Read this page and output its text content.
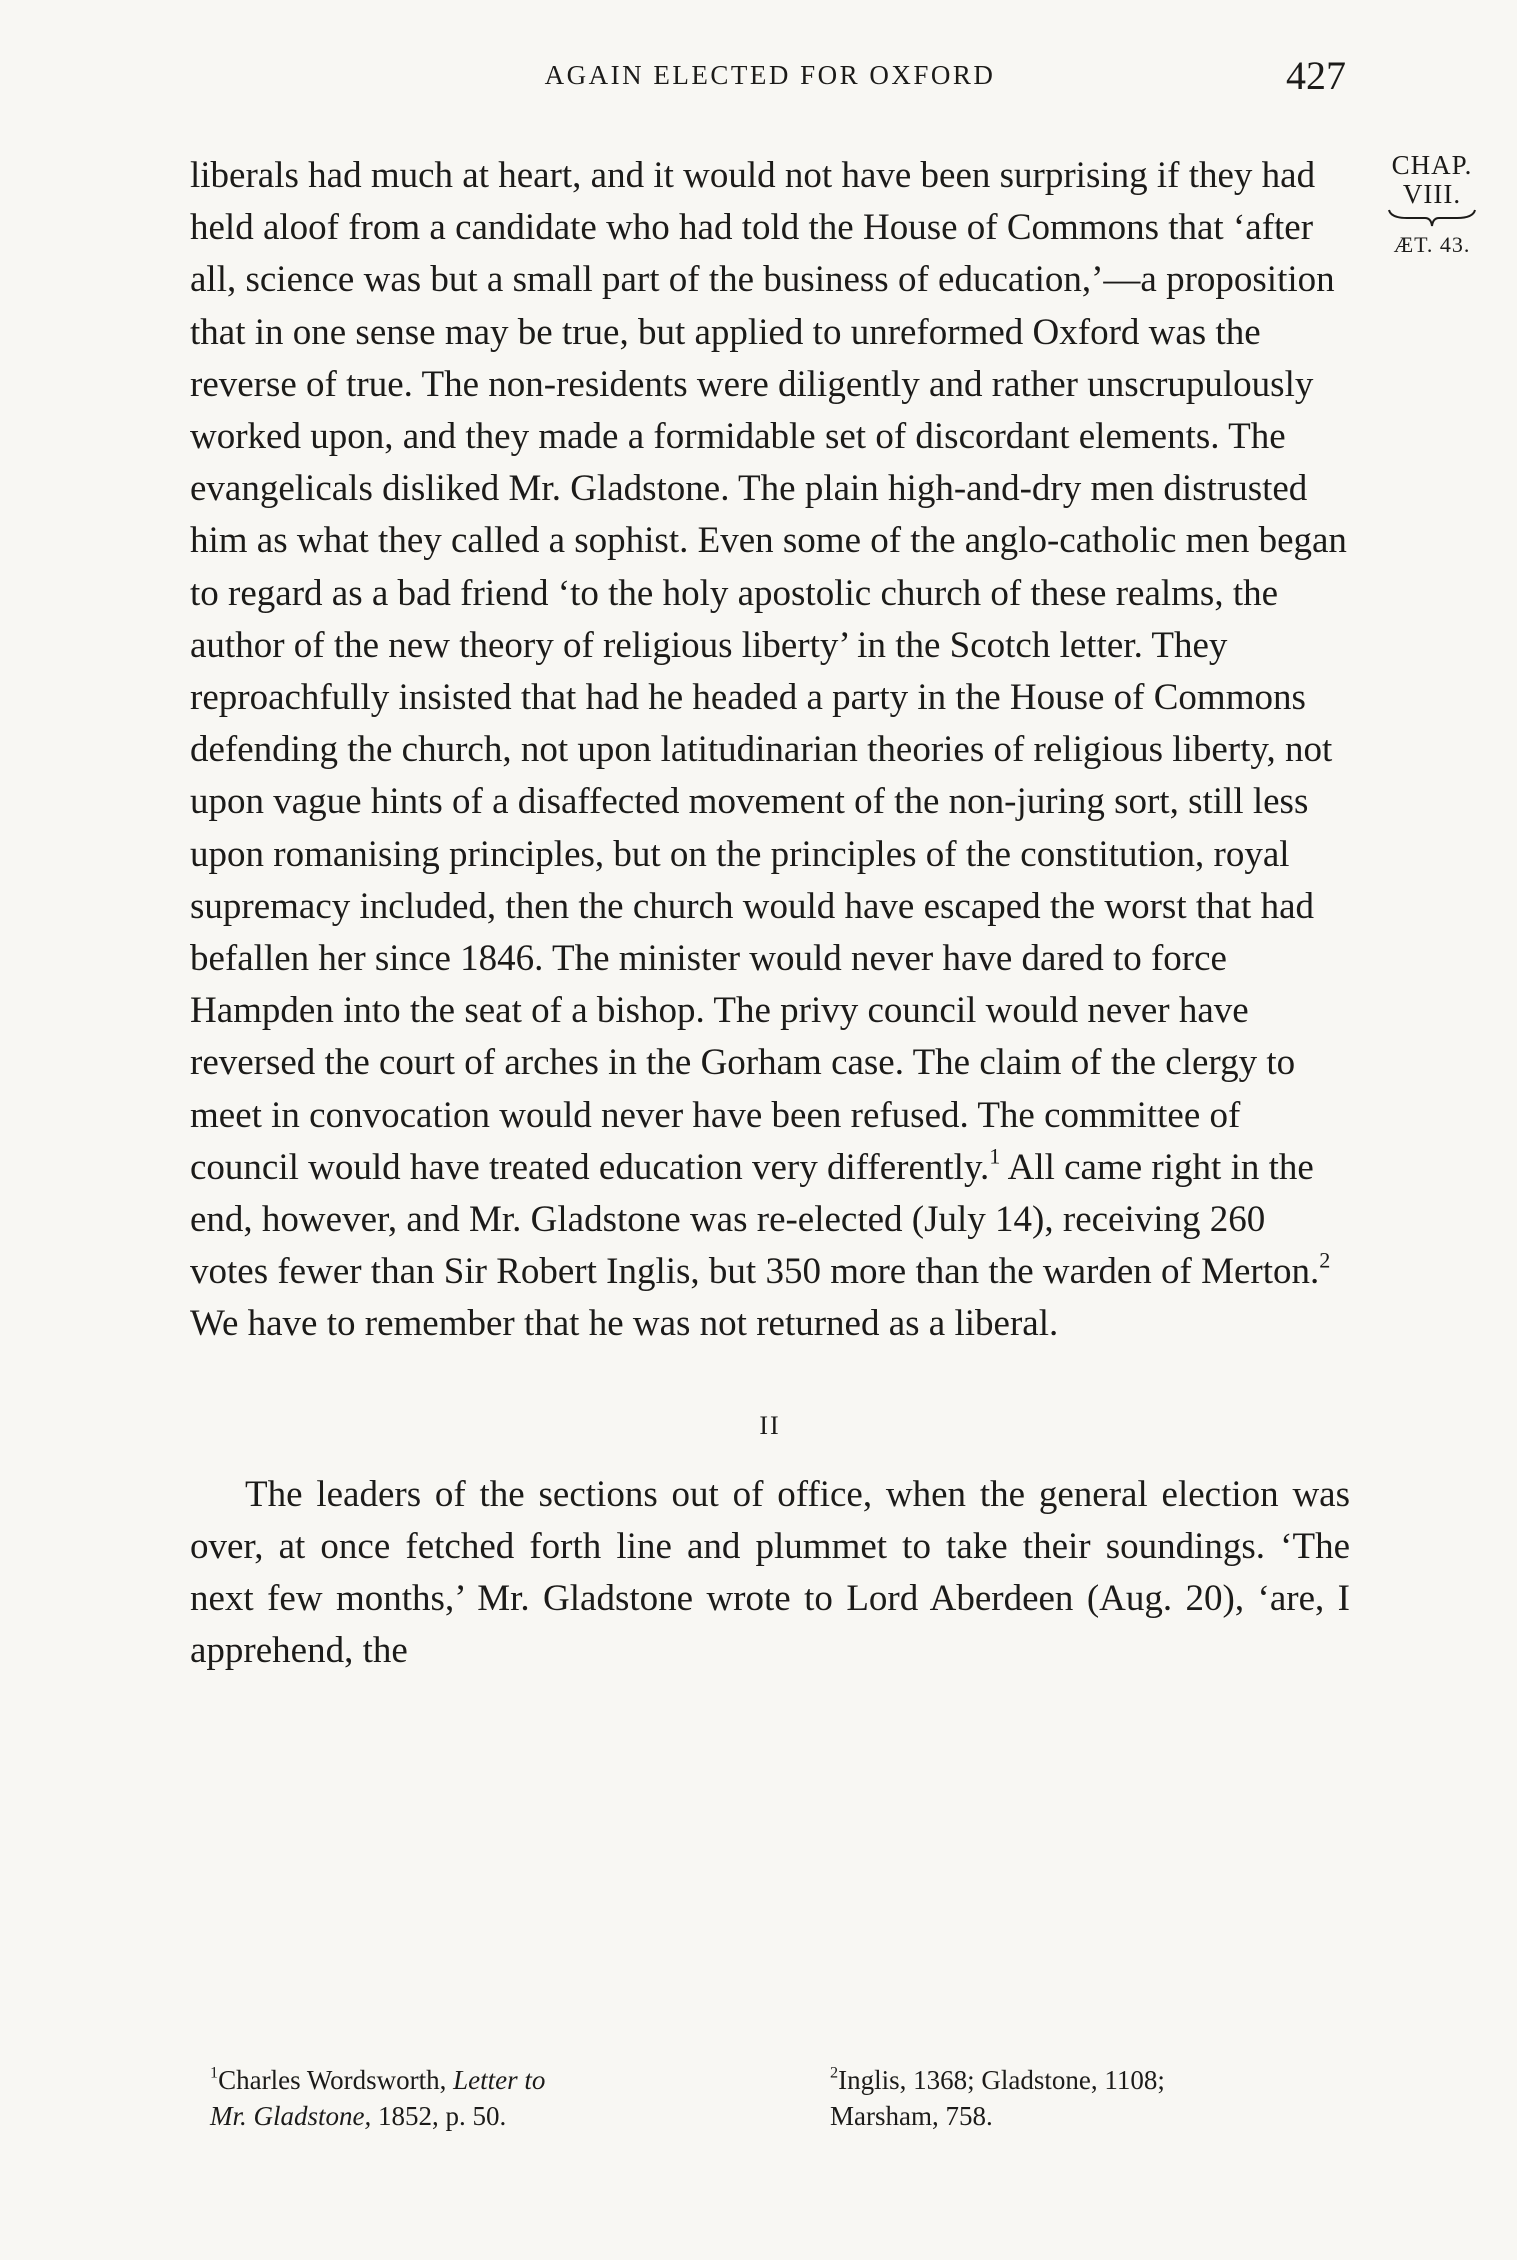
AGAIN ELECTED FOR OXFORD	427
CHAP.
VIII.
ÆT. 43.

liberals had much at heart, and it would not have been surprising if they had held aloof from a candidate who had told the House of Commons that ‘after all, science was but a small part of the business of education,’—a proposition that in one sense may be true, but applied to unreformed Oxford was the reverse of true. The non-residents were diligently and rather unscrupulously worked upon, and they made a formidable set of discordant elements. The evangelicals disliked Mr. Gladstone. The plain high-and-dry men distrusted him as what they called a sophist. Even some of the anglo-catholic men began to regard as a bad friend ‘to the holy apostolic church of these realms, the author of the new theory of religious liberty’ in the Scotch letter. They reproachfully insisted that had he headed a party in the House of Commons defending the church, not upon latitudinarian theories of religious liberty, not upon vague hints of a disaffected movement of the non-juring sort, still less upon romanising principles, but on the principles of the constitution, royal supremacy included, then the church would have escaped the worst that had befallen her since 1846. The minister would never have dared to force Hampden into the seat of a bishop. The privy council would never have reversed the court of arches in the Gorham case. The claim of the clergy to meet in convocation would never have been refused. The committee of council would have treated education very differently.$^1$ All came right in the end, however, and Mr. Gladstone was re-elected (July 14), receiving 260 votes fewer than Sir Robert Inglis, but 350 more than the warden of Merton.$^2$ We have to remember that he was not returned as a liberal.

II

The leaders of the sections out of office, when the general election was over, at once fetched forth line and plummet to take their soundings. ‘The next few months,’ Mr. Gladstone wrote to Lord Aberdeen (Aug. 20), ‘are, I apprehend, the

$^1$Charles Wordsworth, Letter to
Mr. Gladstone, 1852, p. 50.
$^2$Inglis, 1368; Gladstone, 1108;
Marsham, 758.
